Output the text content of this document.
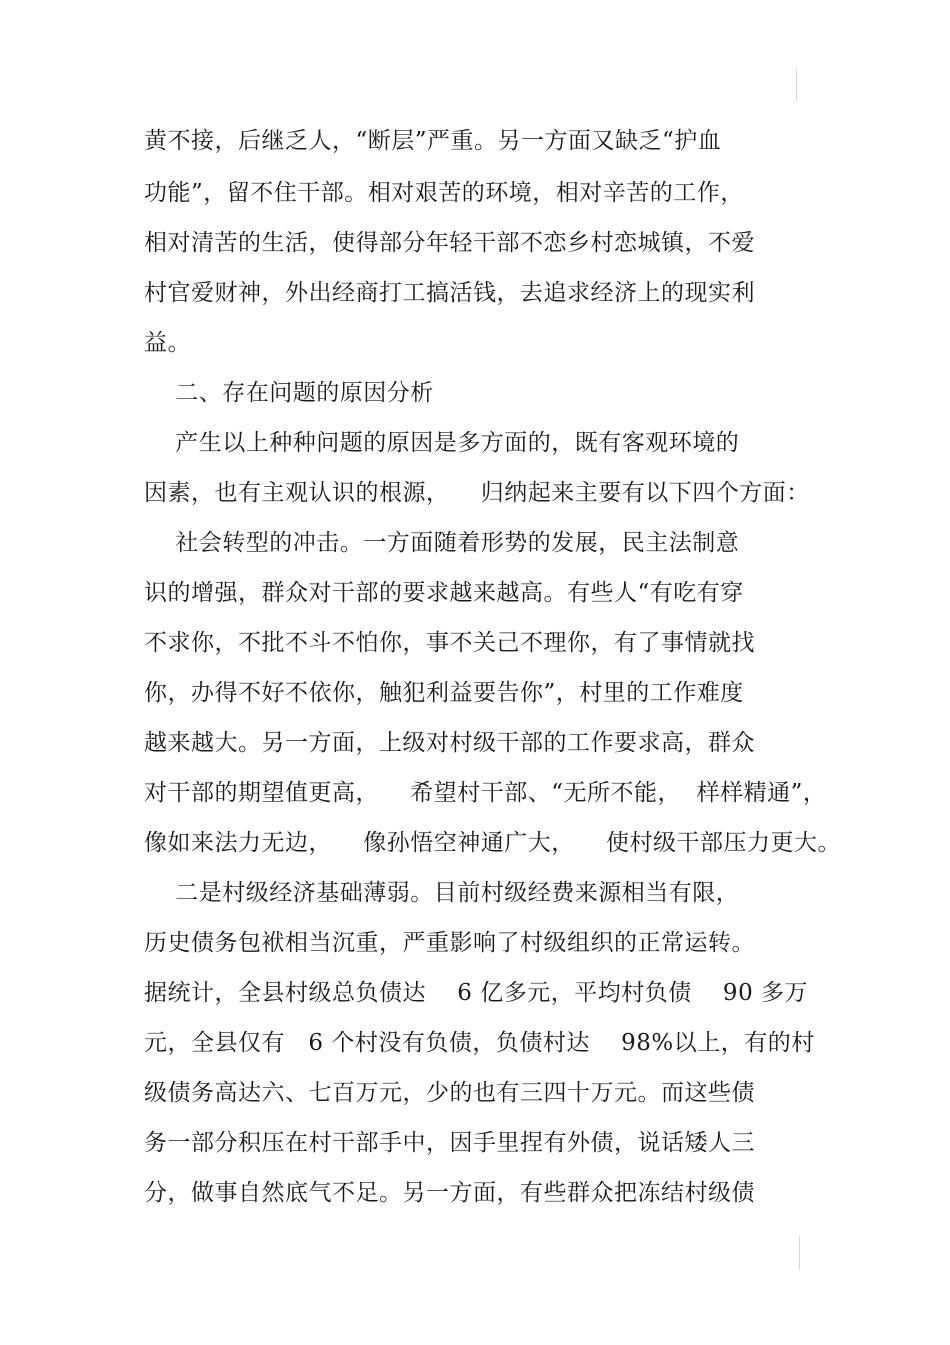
黄不接，后继乏人，“断层”严重。另一方面又缺乏“护血
功能”，留不住干部。相对艰苦的环境，相对辛苦的工作，
相对清苦的生活，使得部分年轻干部不恋乡村恋城镇，不爱
村官爱财神，外出经商打工搞活钱，去追求经济上的现实利
益。
二、存在问题的原因分析
产生以上种种问题的原因是多方面的，既有客观环境的
因素，也有主观认识的根源，    归纳起来主要有以下四个方面：
社会转型的冲击。一方面随着形势的发展，民主法制意
识的增强，群众对干部的要求越来越高。有些人“有吃有穿
不求你，不批不斗不怕你，事不关己不理你，有了事情就找
你，办得不好不依你，触犯利益要告你”，村里的工作难度
越来越大。另一方面，上级对村级干部的工作要求高，群众
对干部的期望值更高，    希望村干部、“无所不能，  样样精通”，
像如来法力无边，    像孙悟空神通广大，    使村级干部压力更大。
二是村级经济基础薄弱。目前村级经费来源相当有限，
历史债务包袱相当沉重，严重影响了村级组织的正常运转。
据统计，全县村级总负债达    6 亿多元，平均村负债    90 多万
元，全县仅有   6 个村没有负债，负债村达    98%以上，有的村
级债务高达六、七百万元，少的也有三四十万元。而这些债
务一部分积压在村干部手中，因手里捏有外债，说话矮人三
分，做事自然底气不足。另一方面，有些群众把冻结村级债
